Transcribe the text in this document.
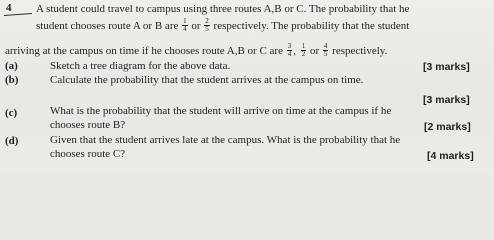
4 A student could travel to campus using three routes A,B or C. The probability that he
student chooses route A or B are $\frac{1}{4}$ or $\frac{2}{5}$ respectively. The probability that the student
arriving at the campus on time if he chooses route A,B or C are $\frac{3}{4}$ , $\frac{1}{2}$ or $\frac{4}{5}$ respectively.
(a)	Sketch a tree diagram for the above data.	[3 marks]
(b)	Calculate the probability that the student arrives at the campus on time.
[3 marks]
(c)	What is the probability that the student will arrive on time at the campus if he
chooses route B?	[2 marks]
(d)	Given that the student arrives late at the campus. What is the probability that he
chooses route C?	[4 marks]
